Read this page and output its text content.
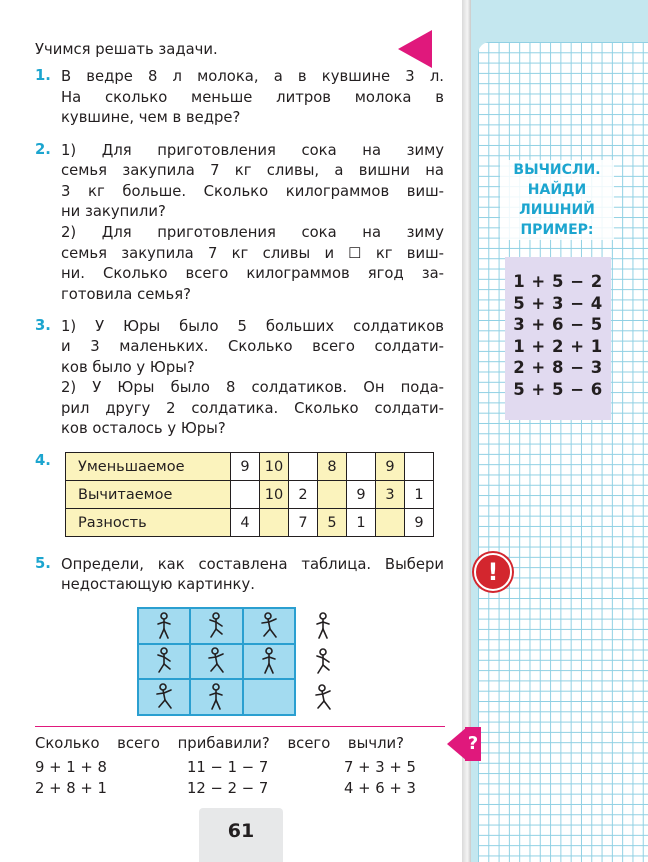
Учимся решать задачи.
1. В ведре 8 л молока, а в кувшине 3 л.
На сколько меньше литров молока в
кувшине, чем в ведре?
2. 1) Для приготовления сока на зиму
семья закупила 7 кг сливы, а вишни на
3 кг больше. Сколько килограммов виш-
ни закупили?
2) Для приготовления сока на зиму
семья закупила 7 кг сливы и ☐ кг виш-
ни. Сколько всего килограммов ягод за-
готовила семья?
3. 1) У Юры было 5 больших солдатиков
и 3 маленьких. Сколько всего солдати-
ков было у Юры?
2) У Юры было 8 солдатиков. Он пода-
рил другу 2 солдатика. Сколько солдати-
ков осталось у Юры?
4. Уменьшаемое	9	10		8		9	
Вычитаемое		10	2		9	3	1
Разность	4		7	5	1		9
5. Определи, как составлена таблица. Выбери
недостающую картинку.
?
Сколько всего прибавили? всего вычли?
9 + 1 + 8	11 − 1 − 7	7 + 3 + 5
2 + 8 + 1	12 − 2 − 7	4 + 6 + 3
61
ВЫЧИСЛИ.
НАЙДИ
ЛИШНИЙ
ПРИМЕР:
1 + 5 − 2
5 + 3 − 4
3 + 6 − 5
1 + 2 + 1
2 + 8 − 3
5 + 5 − 6
!
